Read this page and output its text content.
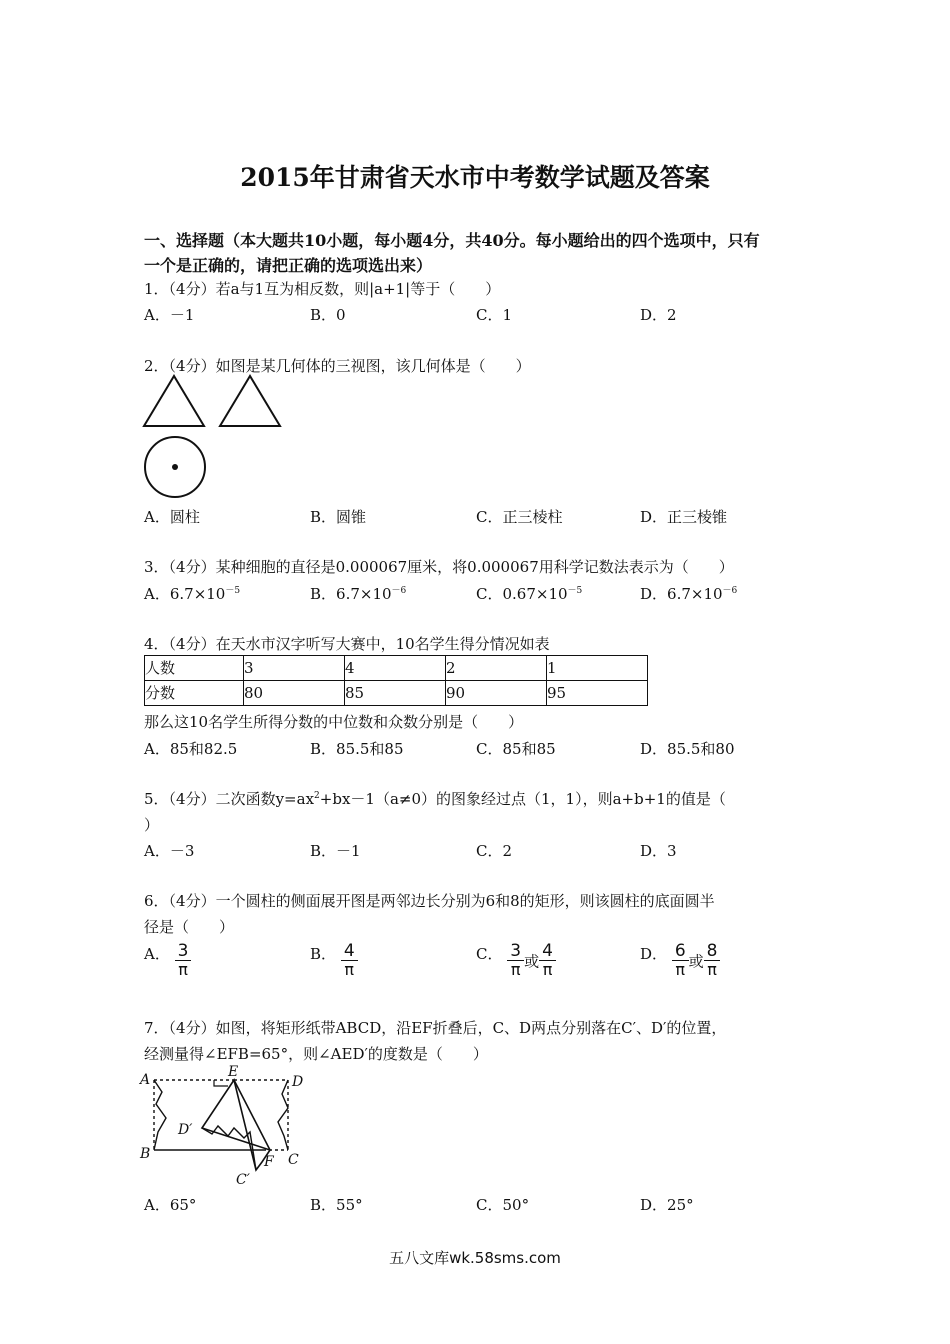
2015年甘肃省天水市中考数学试题及答案
一、选择题（本大题共10小题，每小题4分，共40分。每小题给出的四个选项中，只有
一个是正确的，请把正确的选项选出来）
1．（4分）若a与1互为相反数，则|a+1|等于（　　）
A．－1	B．0	C．1	D．2
2．（4分）如图是某几何体的三视图，该几何体是（　　）
A．圆柱	B．圆锥	C．正三棱柱	D．正三棱锥
3．（4分）某种细胞的直径是0.000067厘米，将0.000067用科学记数法表示为（　　）
A．$6.7\times 10^{-5}$	B．$6.7\times 10^{-6}$	C．$0.67\times 10^{-5}$	D．$6.7\times 10^{-6}$
4．（4分）在天水市汉字听写大赛中，10名学生得分情况如表
人数	3	4	2	1
分数	80	85	90	95
那么这10名学生所得分数的中位数和众数分别是（　　）
A．85和82.5	B．85.5和85	C．85和85	D．85.5和80
5．（4分）二次函数$y=ax^2+bx-1(a\ne 0)$的图象经过点（1，1），则a+b+1的值是（
）
A．－3	B．－1	C．2	D．3
6．（4分）一个圆柱的侧面展开图是两邻边长分别为6和8的矩形，则该圆柱的底面圆半
径是（　　）
A． $\frac{3}{\pi}$	B． $\frac{4}{\pi}$	C． $\frac{3}{\pi}$ 或 $\frac{4}{\pi}$	D． $\frac{6}{\pi}$ 或 $\frac{8}{\pi}$
7．（4分）如图，将矩形纸带ABCD，沿EF折叠后，C、D两点分别落在C′、D′的位置，
经测量得∠EFB=65°，则∠AED′的度数是（　　）
A	E
D
D′
B	F C
C′
A．65°	B．55°	C．50°	D．25°
五八文库wk.58sms.com
